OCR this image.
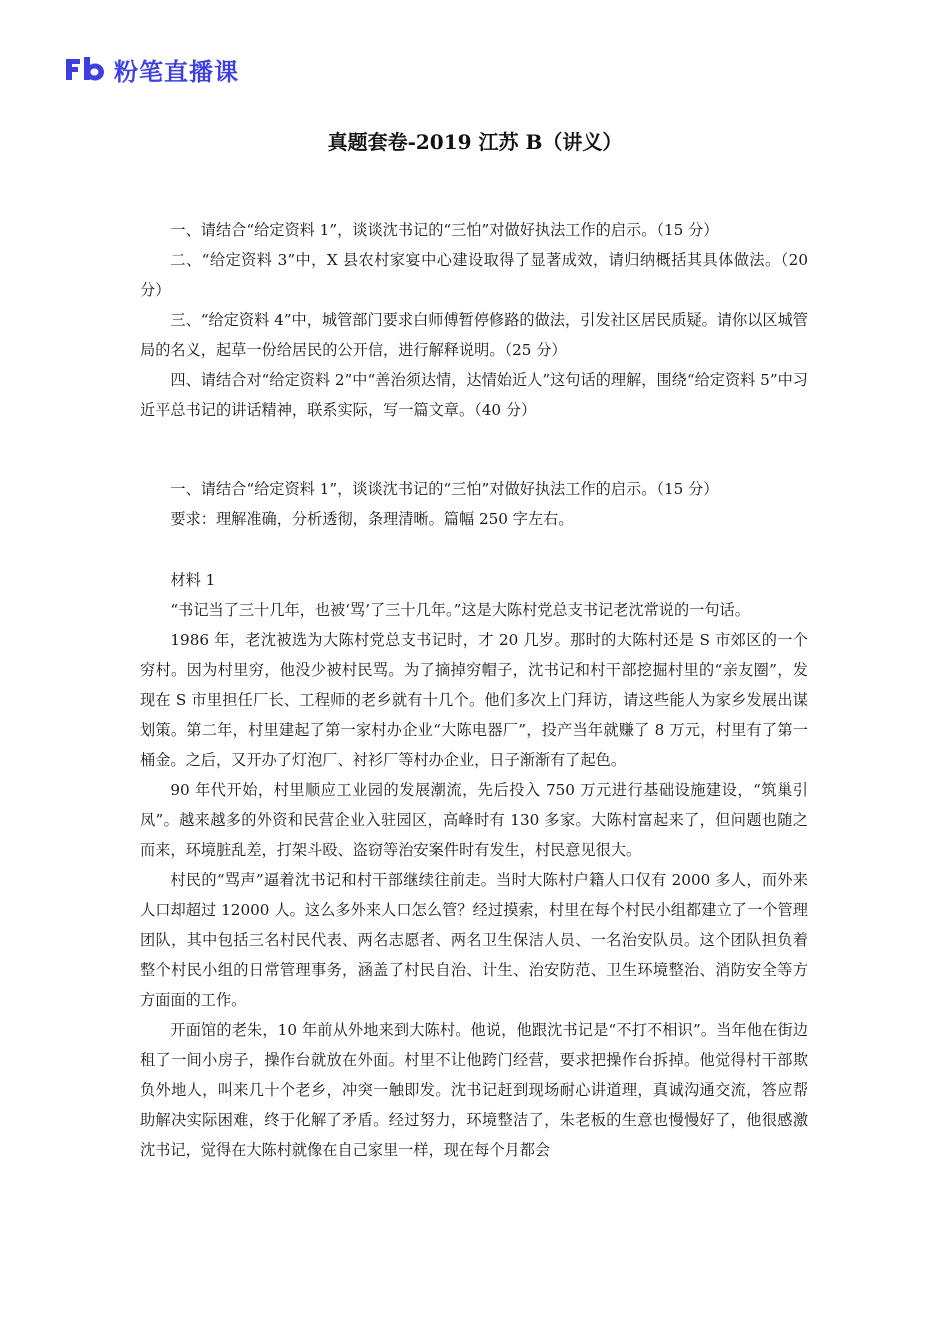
粉笔直播课
真题套卷-2019 江苏 B（讲义）

一、请结合“给定资料 1”，谈谈沈书记的“三怕”对做好执法工作的启示。（15 分）

二、“给定资料 3”中，X 县农村家宴中心建设取得了显著成效，请归纳概括其具体做法。（20 分）

三、“给定资料 4”中，城管部门要求白师傅暂停修路的做法，引发社区居民质疑。请你以区城管局的名义，起草一份给居民的公开信，进行解释说明。（25 分）

四、请结合对“给定资料 2”中“善治须达情，达情始近人”这句话的理解，围绕“给定资料 5”中习近平总书记的讲话精神，联系实际，写一篇文章。（40 分）

一、请结合“给定资料 1”，谈谈沈书记的“三怕”对做好执法工作的启示。（15 分）

要求：理解准确，分析透彻，条理清晰。篇幅 250 字左右。

材料 1

“书记当了三十几年，也被‘骂’了三十几年。”这是大陈村党总支书记老沈常说的一句话。

1986 年，老沈被选为大陈村党总支书记时，才 20 几岁。那时的大陈村还是 S 市郊区的一个穷村。因为村里穷，他没少被村民骂。为了摘掉穷帽子，沈书记和村干部挖掘村里的“亲友圈”，发现在 S 市里担任厂长、工程师的老乡就有十几个。他们多次上门拜访，请这些能人为家乡发展出谋划策。第二年，村里建起了第一家村办企业“大陈电器厂”，投产当年就赚了 8 万元，村里有了第一桶金。之后，又开办了灯泡厂、衬衫厂等村办企业，日子渐渐有了起色。

90 年代开始，村里顺应工业园的发展潮流，先后投入 750 万元进行基础设施建设，“筑巢引凤”。越来越多的外资和民营企业入驻园区，高峰时有 130 多家。大陈村富起来了，但问题也随之而来，环境脏乱差，打架斗殴、盗窃等治安案件时有发生，村民意见很大。

村民的“骂声”逼着沈书记和村干部继续往前走。当时大陈村户籍人口仅有 2000 多人，而外来人口却超过 12000 人。这么多外来人口怎么管？经过摸索，村里在每个村民小组都建立了一个管理团队，其中包括三名村民代表、两名志愿者、两名卫生保洁人员、一名治安队员。这个团队担负着整个村民小组的日常管理事务，涵盖了村民自治、计生、治安防范、卫生环境整治、消防安全等方方面面的工作。

开面馆的老朱，10 年前从外地来到大陈村。他说，他跟沈书记是“不打不相识”。当年他在街边租了一间小房子，操作台就放在外面。村里不让他跨门经营，要求把操作台拆掉。他觉得村干部欺负外地人，叫来几十个老乡，冲突一触即发。沈书记赶到现场耐心讲道理，真诚沟通交流，答应帮助解决实际困难，终于化解了矛盾。经过努力，环境整洁了，朱老板的生意也慢慢好了，他很感激沈书记，觉得在大陈村就像在自己家里一样，现在每个月都会
